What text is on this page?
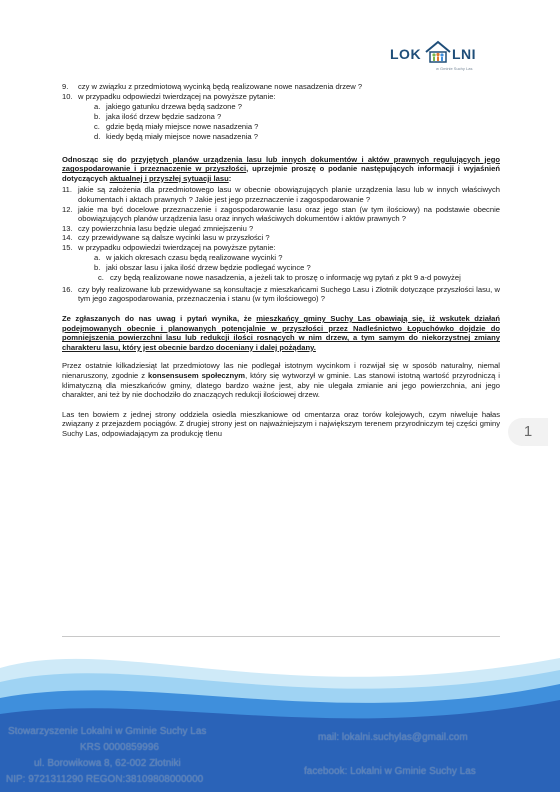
LOK LNI
w Gminie Suchy Las
9.	czy w związku z przedmiotową wycinką będą realizowane nowe nasadzenia drzew ?
10. w przypadku odpowiedzi twierdzącej na powyższe pytanie:
a. jakiego gatunku drzewa będą sadzone ?
b. jaka ilość drzew będzie sadzona ?
c. gdzie będą miały miejsce nowe nasadzenia ?
d. kiedy będą miały miejsce nowe nasadzenia ?
Odnosząc się do przyjętych planów urządzenia lasu lub innych dokumentów i aktów prawnych regulujących jego zagospodarowanie i przeznaczenie w przyszłości, uprzejmie proszę o podanie następujących informacji i wyjaśnień dotyczących aktualnej i przyszłej sytuacji lasu:
11. jakie są założenia dla przedmiotowego lasu w obecnie obowiązujących planie urządzenia lasu lub w innych właściwych dokumentach i aktach prawnych ? Jakie jest jego przeznaczenie i zagospodarowanie ?
12. jakie ma być docelowe przeznaczenie i zagospodarowanie lasu oraz jego stan (w tym ilościowy) na podstawie obecnie obowiązujących planów urządzenia lasu oraz innych właściwych dokumentów i aktów prawnych ?
13. czy powierzchnia lasu będzie ulegać zmniejszeniu ?
14. czy przewidywane są dalsze wycinki lasu w przyszłości ?
15. w przypadku odpowiedzi twierdzącej na powyższe pytanie:
a. w jakich okresach czasu będą realizowane wycinki ?
b. jaki obszar lasu i jaka ilość drzew będzie podlegać wycince ?
c. czy będą realizowane nowe nasadzenia, a jeżeli tak to proszę o informację wg pytań z pkt 9 a-d powyżej
16. czy były realizowane lub przewidywane są konsultacje z mieszkańcami Suchego Lasu i Złotnik dotyczące przyszłości lasu, w tym jego zagospodarowania, przeznaczenia i stanu (w tym ilościowego) ?
Ze zgłaszanych do nas uwag i pytań wynika, że mieszkańcy gminy Suchy Las obawiają się, iż wskutek działań podejmowanych obecnie i planowanych potencjalnie w przyszłości przez Nadleśnictwo Łopuchówko dojdzie do pomniejszenia powierzchni lasu lub redukcji ilości rosnących w nim drzew, a tym samym do niekorzystnej zmiany charakteru lasu, który jest obecnie bardzo doceniany i dalej pożądany.
Przez ostatnie kilkadziesiąt lat przedmiotowy las nie podlegał istotnym wycinkom i rozwijał się w sposób naturalny, niemal nienaruszony, zgodnie z konsensusem społecznym, który się wytworzył w gminie. Las stanowi istotną wartość przyrodniczą i klimatyczną dla mieszkańców gminy, dlatego bardzo ważne jest, aby nie ulegała zmianie ani jego powierzchnia, ani jego charakter, ani też by nie dochodziło do znaczących redukcji ilościowej drzew.
Las ten bowiem z jednej strony oddziela osiedla mieszkaniowe od cmentarza oraz torów kolejowych, czym niweluje hałas związany z przejazdem pociągów. Z drugiej strony jest on najważniejszym i największym terenem przyrodniczym tej części gminy Suchy Las, odpowiadającym za produkcję tlenu	1
Stowarzyszenie Lokalni w Gminie Suchy Las
KRS 0000859996
ul. Borowikowa 8, 62-002 Złotniki
NIP: 9721311290 REGON:38109808000000
mail: lokalni.suchylas@gmail.com
facebook: Lokalni w Gminie Suchy Las
